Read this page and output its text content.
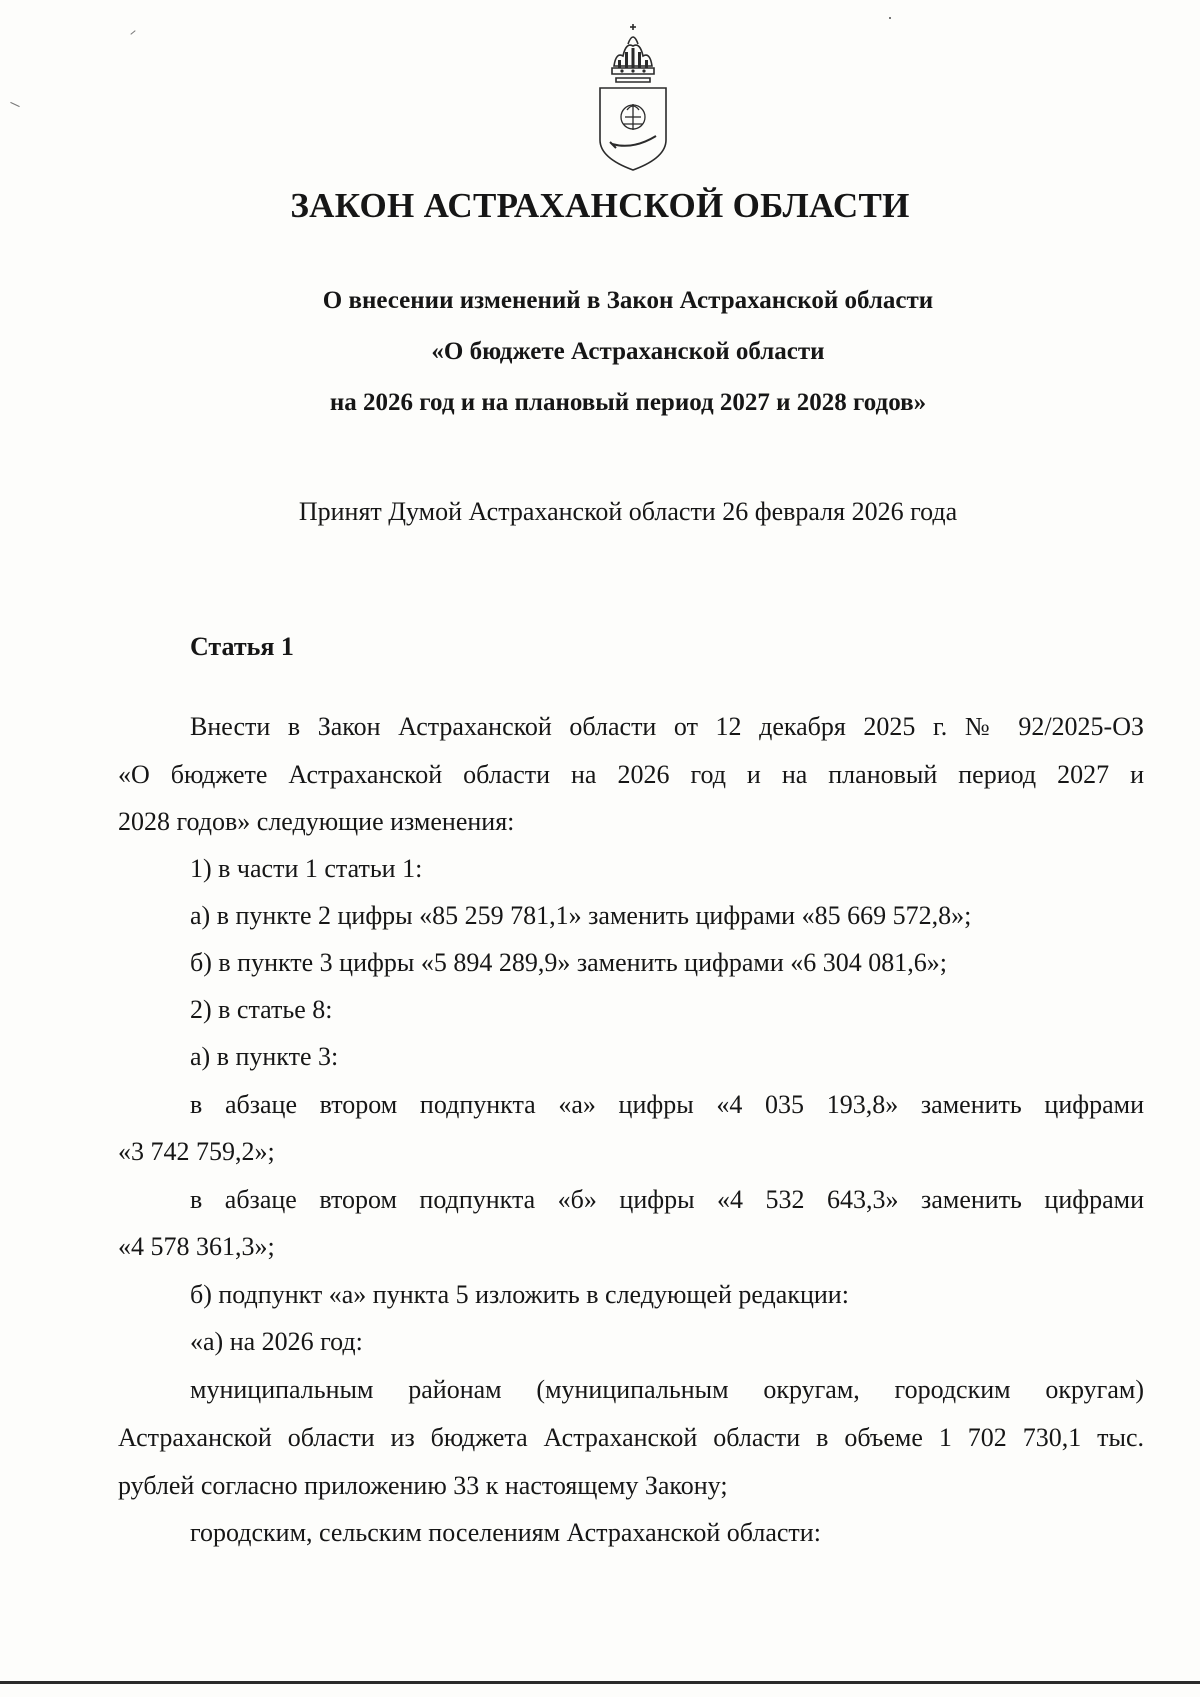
ЗАКОН АСТРАХАНСКОЙ ОБЛАСТИ

О внесении изменений в Закон Астраханской области

«О бюджете Астраханской области

на 2026 год и на плановый период 2027 и 2028 годов»

Принят Думой Астраханской области 26 февраля 2026 года

Статья 1

Внести в Закон Астраханской области от 12 декабря 2025 г. № 92/2025-ОЗ

«О бюджете Астраханской области на 2026 год и на плановый период 2027 и

2028 годов» следующие изменения:

1) в части 1 статьи 1:

а) в пункте 2 цифры «85 259 781,1» заменить цифрами «85 669 572,8»;

б) в пункте 3 цифры «5 894 289,9» заменить цифрами «6 304 081,6»;

2) в статье 8:

а) в пункте 3:

в абзаце втором подпункта «а» цифры «4 035 193,8» заменить цифрами

«3 742 759,2»;

в абзаце втором подпункта «б» цифры «4 532 643,3» заменить цифрами

«4 578 361,3»;

б) подпункт «а» пункта 5 изложить в следующей редакции:

«а) на 2026 год:

муниципальным районам (муниципальным округам, городским округам)

Астраханской области из бюджета Астраханской области в объеме 1 702 730,1 тыс.

рублей согласно приложению 33 к настоящему Закону;

городским, сельским поселениям Астраханской области:
